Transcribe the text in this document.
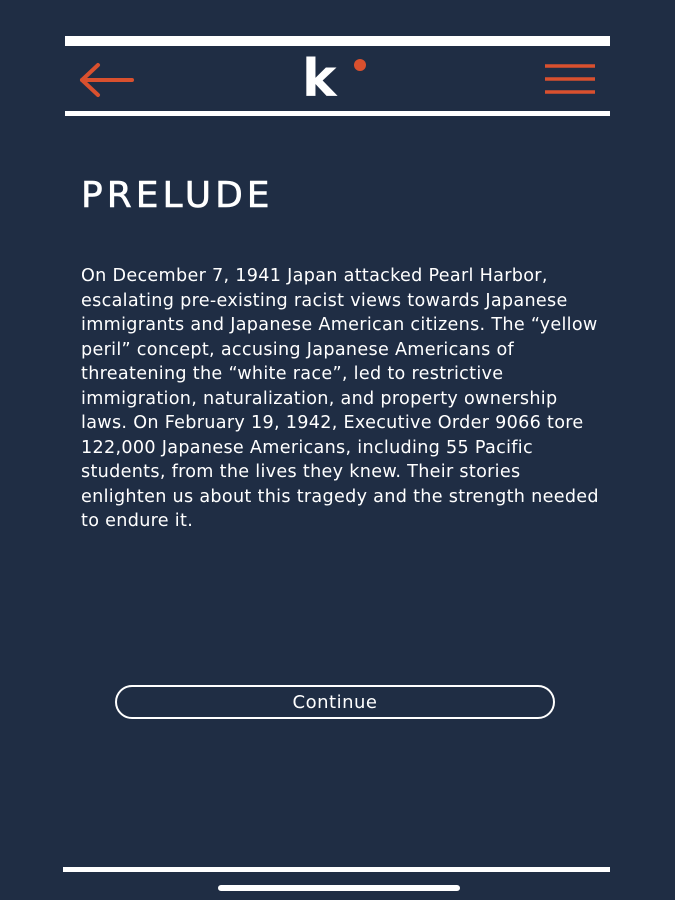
k
PRELUDE

On December 7, 1941 Japan attacked Pearl Harbor, escalating pre-existing racist views towards Japanese immigrants and Japanese American citizens. The “yellow peril” concept, accusing Japanese Americans of threatening the “white race”, led to restrictive immigration, naturalization, and property ownership laws. On February 19, 1942, Executive Order 9066 tore 122,000 Japanese Americans, including 55 Pacific students, from the lives they knew. Their stories enlighten us about this tragedy and the strength needed to endure it.

Continue
